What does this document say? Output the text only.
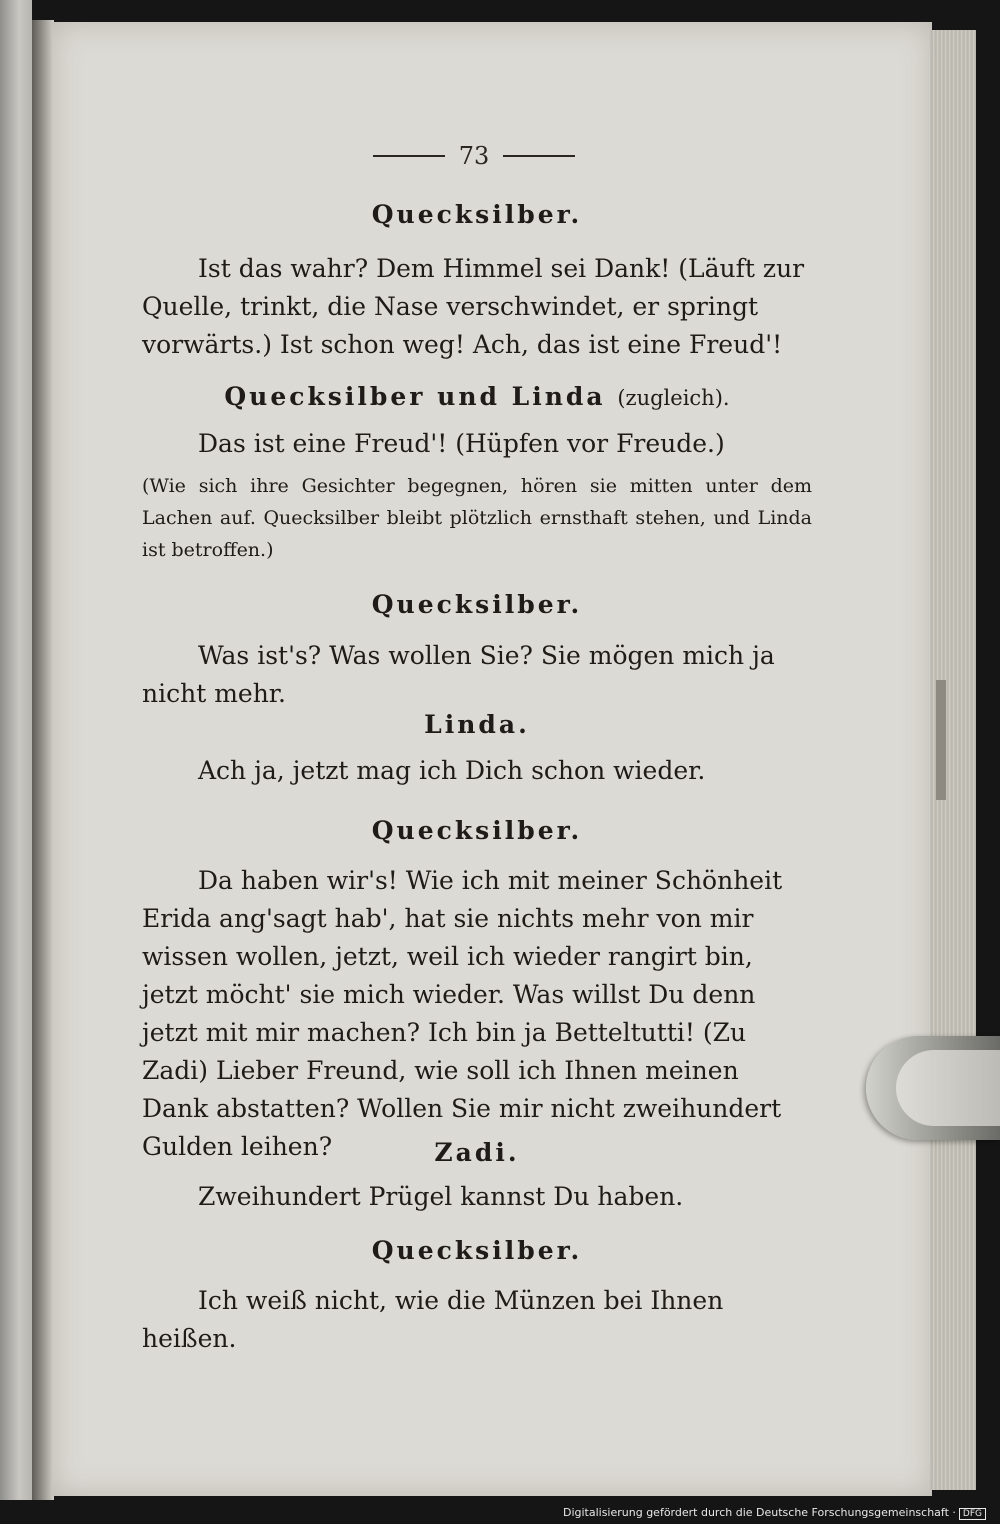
73
Quecksilber.
Ist das wahr? Dem Himmel sei Dank! (Läuft zur Quelle, trinkt, die Nase verschwindet, er springt vorwärts.) Ist schon weg! Ach, das ist eine Freud'!
Quecksilber und Linda (zugleich).
Das ist eine Freud'! (Hüpfen vor Freude.)
(Wie sich ihre Gesichter begegnen, hören sie mitten unter dem Lachen auf. Quecksilber bleibt plötzlich ernsthaft stehen, und Linda ist betroffen.)
Quecksilber.
Was ist's? Was wollen Sie? Sie mögen mich ja nicht mehr.
Linda.
Ach ja, jetzt mag ich Dich schon wieder.
Quecksilber.
Da haben wir's! Wie ich mit meiner Schönheit Erida ang'sagt hab', hat sie nichts mehr von mir wissen wollen, jetzt, weil ich wieder rangirt bin, jetzt möcht' sie mich wieder. Was willst Du denn jetzt mit mir machen? Ich bin ja Betteltutti! (Zu Zadi) Lieber Freund, wie soll ich Ihnen meinen Dank abstatten? Wollen Sie mir nicht zweihundert Gulden leihen?	Zadi.
Zweihundert Prügel kannst Du haben.
Quecksilber.
Ich weiß nicht, wie die Münzen bei Ihnen heißen.
Digitalisierung gefördert durch die Deutsche Forschungsgemeinschaft · DFG
